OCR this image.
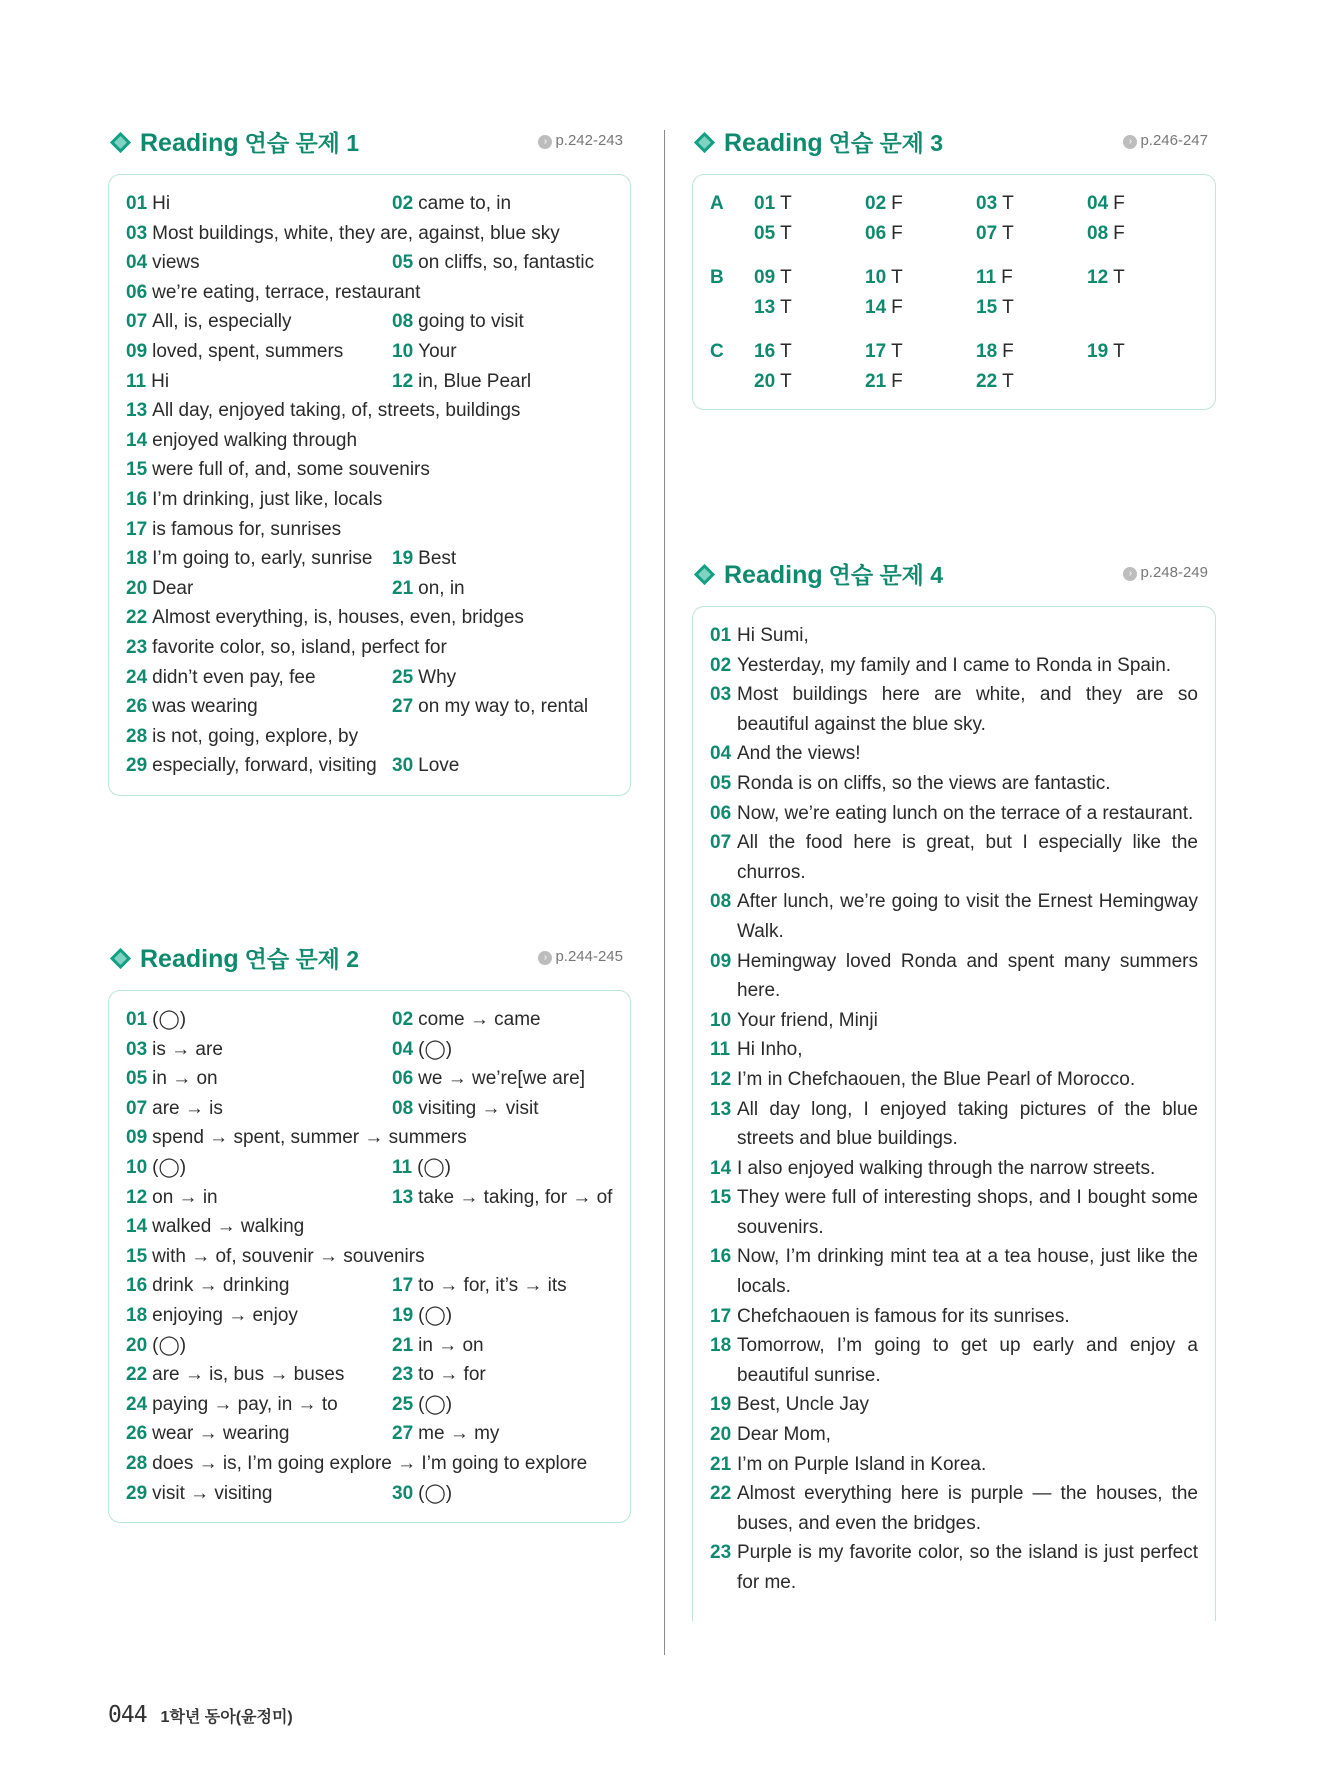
Reading 연습 문제 1	› p.242-243
01 Hi	02 came to, in
03 Most buildings, white, they are, against, blue sky
04 views	05 on cliffs, so, fantastic
06 we’re eating, terrace, restaurant
07 All, is, especially	08 going to visit
09 loved, spent, summers	10 Your
11 Hi	12 in, Blue Pearl
13 All day, enjoyed taking, of, streets, buildings
14 enjoyed walking through
15 were full of, and, some souvenirs
16 I’m drinking, just like, locals
17 is famous for, sunrises
18 I’m going to, early, sunrise	19 Best
20 Dear	21 on, in
22 Almost everything, is, houses, even, bridges
23 favorite color, so, island, perfect for
24 didn’t even pay, fee	25 Why
26 was wearing	27 on my way to, rental
28 is not, going, explore, by
29 especially, forward, visiting 30 Love
Reading 연습 문제 2	› p.244-245
01 (◯)	02 come → came
03 is → are	04 (◯)
05 in → on	06 we → we’re[we are]
07 are → is	08 visiting → visit
09 spend → spent, summer → summers
10 (◯)	11 (◯)
12 on → in	13 take → taking, for → of
14 walked → walking
15 with → of, souvenir → souvenirs
16 drink → drinking	17 to → for, it’s → its
18 enjoying → enjoy	19 (◯)
20 (◯)	21 in → on
22 are → is, bus → buses	23 to → for
24 paying → pay, in → to	25 (◯)
26 wear → wearing	27 me → my
28 does → is, I’m going explore → I’m going to explore
29 visit → visiting	30 (◯)
Reading 연습 문제 3	› p.246-247
A	01 T	02 F	03 T	04 F
05 T	06 F	07 T	08 F
B	09 T	10 T	11 F	12 T
13 T	14 F	15 T
C	16 T	17 T	18 F	19 T
20 T	21 F	22 T
Reading 연습 문제 4	› p.248-249
01 Hi Sumi,
02 Yesterday, my family and I came to Ronda in Spain.
03 Most buildings here are white, and they are so beautiful against the blue sky.
04 And the views!
05 Ronda is on cliffs, so the views are fantastic.
06 Now, we’re eating lunch on the terrace of a restaurant.
07 All the food here is great, but I especially like the churros.
08 After lunch, we’re going to visit the Ernest Hemingway Walk.
09 Hemingway loved Ronda and spent many summers here.
10 Your friend, Minji
11 Hi Inho,
12 I’m in Chefchaouen, the Blue Pearl of Morocco.
13 All day long, I enjoyed taking pictures of the blue streets and blue buildings.
14 I also enjoyed walking through the narrow streets.
15 They were full of interesting shops, and I bought some souvenirs.
16 Now, I’m drinking mint tea at a tea house, just like the locals.
17 Chefchaouen is famous for its sunrises.
18 Tomorrow, I’m going to get up early and enjoy a beautiful sunrise.
19 Best, Uncle Jay
20 Dear Mom,
21 I’m on Purple Island in Korea.
22 Almost everything here is purple — the houses, the buses, and even the bridges.
23 Purple is my favorite color, so the island is just perfect for me.
044 1학년 동아(윤정미)
